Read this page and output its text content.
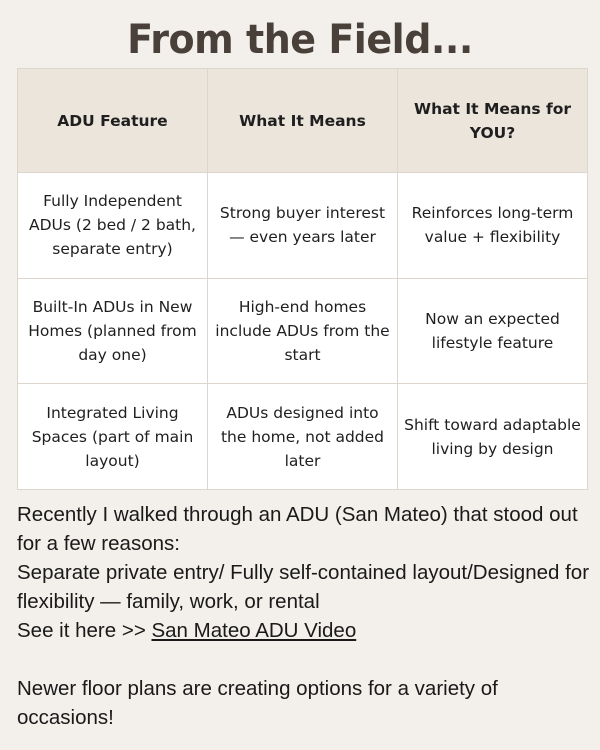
From the Field...
ADU Feature	What It Means	What It Means for YOU?
Fully Independent ADUs (2 bed / 2 bath, separate entry)	Strong buyer interest — even years later	Reinforces long-term value + flexibility
Built-In ADUs in New Homes (planned from day one)	High-end homes include ADUs from the start	Now an expected lifestyle feature
Integrated Living Spaces (part of main layout)	ADUs designed into the home, not added later	Shift toward adaptable living by design

Recently I walked through an ADU (San Mateo) that stood out for a few reasons:

Separate private entry/ Fully self-contained layout/Designed for flexibility — family, work, or rental

See it here >> San Mateo ADU Video

Newer floor plans are creating options for a variety of occasions!
